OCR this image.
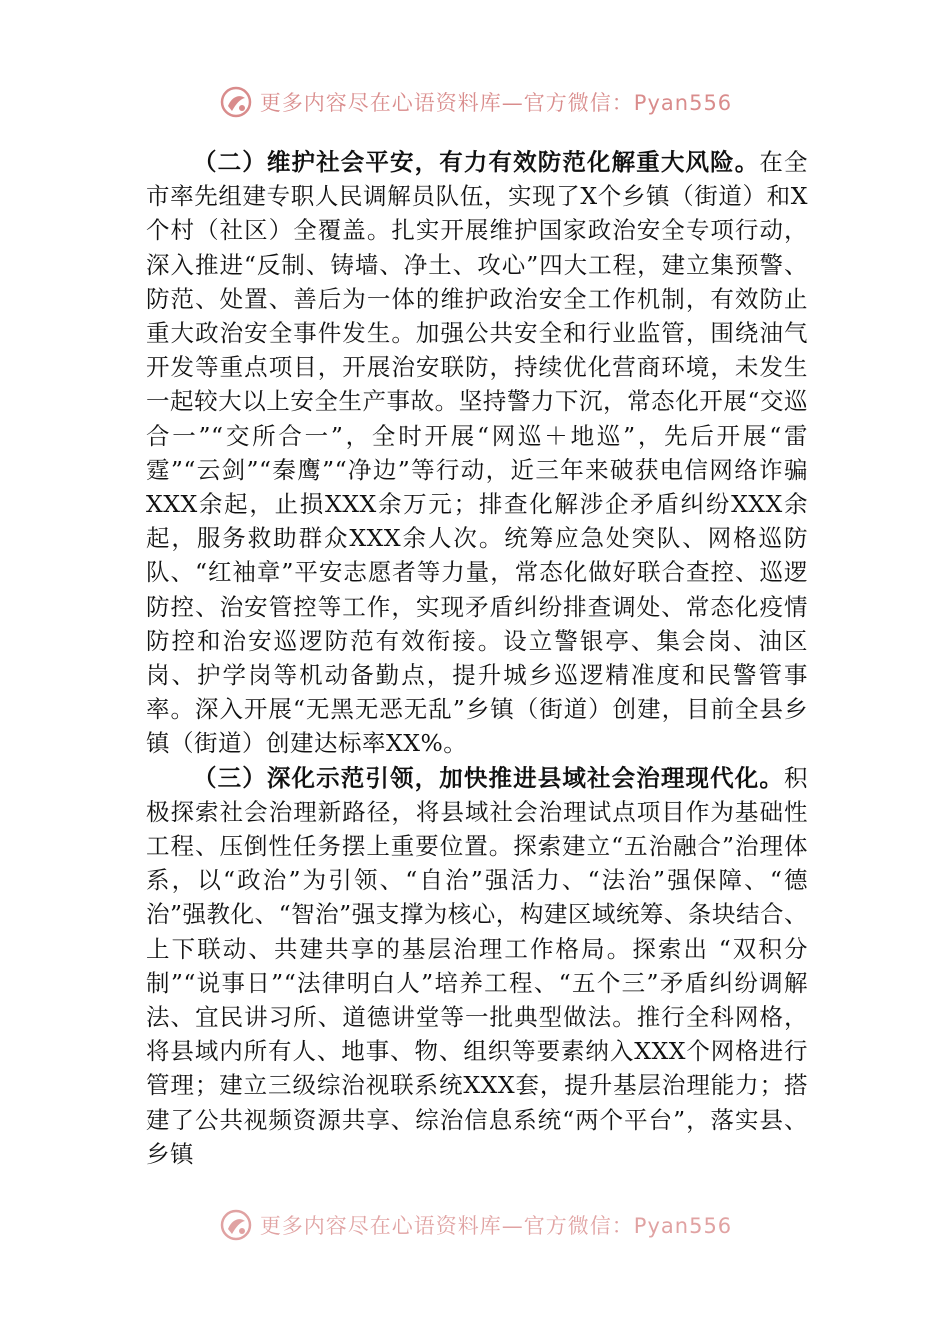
更多内容尽在心语资料库—官方微信：Pyan556

（二）维护社会平安，有力有效防范化解重大风险。在全市率先组建专职人民调解员队伍，实现了X个乡镇（街道）和X个村（社区）全覆盖。扎实开展维护国家政治安全专项行动，深入推进“反制、铸墙、净土、攻心”四大工程，建立集预警、防范、处置、善后为一体的维护政治安全工作机制，有效防止重大政治安全事件发生。加强公共安全和行业监管，围绕油气开发等重点项目，开展治安联防，持续优化营商环境，未发生一起较大以上安全生产事故。坚持警力下沉，常态化开展“交巡合一”“交所合一”，全时开展“网巡＋地巡”，先后开展“雷霆”“云剑”“秦鹰”“净边”等行动，近三年来破获电信网络诈骗XXX余起，止损XXX余万元；排查化解涉企矛盾纠纷XXX余起，服务救助群众XXX余人次。统筹应急处突队、网格巡防队、“红袖章”平安志愿者等力量，常态化做好联合查控、巡逻防控、治安管控等工作，实现矛盾纠纷排查调处、常态化疫情防控和治安巡逻防范有效衔接。设立警银亭、集会岗、油区岗、护学岗等机动备勤点，提升城乡巡逻精准度和民警管事率。深入开展“无黑无恶无乱”乡镇（街道）创建，目前全县乡镇（街道）创建达标率XX%。

（三）深化示范引领，加快推进县域社会治理现代化。积极探索社会治理新路径，将县域社会治理试点项目作为基础性工程、压倒性任务摆上重要位置。探索建立“五治融合”治理体系，以“政治”为引领、“自治”强活力、“法治”强保障、“德治”强教化、“智治”强支撑为核心，构建区域统筹、条块结合、上下联动、共建共享的基层治理工作格局。探索出 “双积分制”“说事日”“法律明白人”培养工程、“五个三”矛盾纠纷调解法、宜民讲习所、道德讲堂等一批典型做法。推行全科网格，将县域内所有人、地事、物、组织等要素纳入XXX个网格进行管理；建立三级综治视联系统XXX套，提升基层治理能力；搭建了公共视频资源共享、综治信息系统“两个平台”，落实县、乡镇

更多内容尽在心语资料库—官方微信：Pyan556
